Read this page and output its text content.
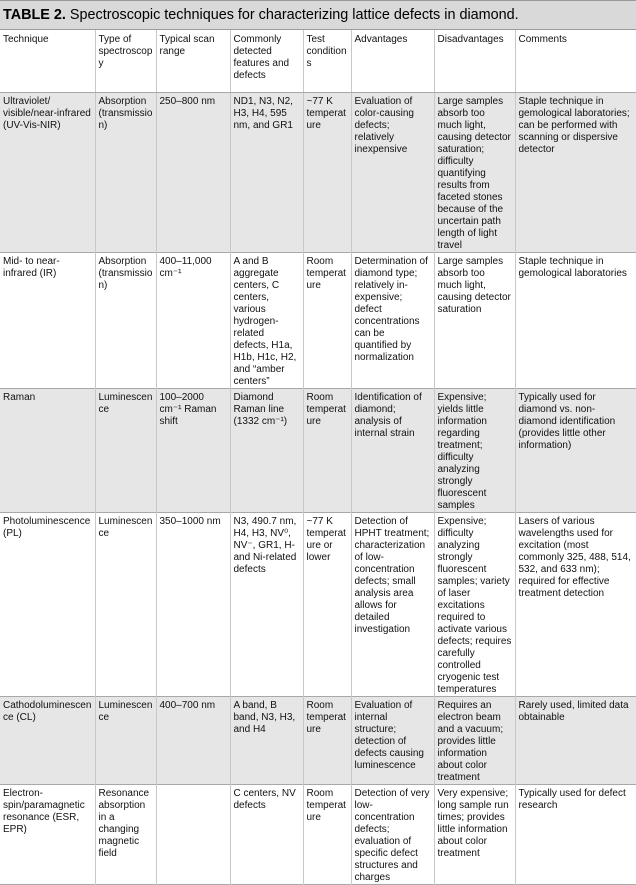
TABLE 2. Spectroscopic techniques for characterizing lattice defects in diamond.
Technique	Type of spectroscopy	Typical scan range	Commonly detected features and defects	Test conditions	Advantages	Disadvantages	Comments
Ultraviolet/ visible/near-infrared (UV-Vis-NIR)	Absorption (transmission)	250–800 nm	ND1, N3, N2, H3, H4, 595 nm, and GR1	~77 K temperature	Evaluation of color-causing defects; relatively inexpensive	Large samples absorb too much light, causing detector saturation; difficulty quantifying results from faceted stones because of the uncertain path length of light travel	Staple technique in gemological laboratories; can be performed with scanning or dispersive detector
Mid- to near-infrared (IR)	Absorption (transmission)	400–11,000 cm⁻¹	A and B aggregate centers, C centers, various hydrogen-related defects, H1a, H1b, H1c, H2, and “amber centers”	Room temperature	Determination of diamond type; relatively in-expensive; defect concentrations can be quantified by normalization	Large samples absorb too much light, causing detector saturation	Staple technique in gemological laboratories
Raman	Luminescence	100–2000 cm⁻¹ Raman shift	Diamond Raman line (1332 cm⁻¹)	Room temperature	Identification of diamond; analysis of internal strain	Expensive; yields little information regarding treatment; difficulty analyzing strongly fluorescent samples	Typically used for diamond vs. non-diamond identification (provides little other information)
Photoluminescence (PL)	Luminescence	350–1000 nm	N3, 490.7 nm, H4, H3, NV⁰, NV⁻, GR1, H-and Ni-related defects	~77 K temperature or lower	Detection of HPHT treatment; characterization of low-concentration defects; small analysis area allows for detailed investigation	Expensive; difficulty analyzing strongly fluorescent samples; variety of laser excitations required to activate various defects; requires carefully controlled cryogenic test temperatures	Lasers of various wavelengths used for excitation (most commonly 325, 488, 514, 532, and 633 nm); required for effective treatment detection
Cathodoluminescence (CL)	Luminescence	400–700 nm	A band, B band, N3, H3, and H4	Room temperature	Evaluation of internal structure; detection of defects causing luminescence	Requires an electron beam and a vacuum; provides little information about color treatment	Rarely used, limited data obtainable
Electron-spin/paramagnetic resonance (ESR, EPR)	Resonance absorption in a changing magnetic field		C centers, NV defects	Room temperature	Detection of very low-concentration defects; evaluation of specific defect structures and charges	Very expensive; long sample run times; provides little information about color treatment	Typically used for defect research
